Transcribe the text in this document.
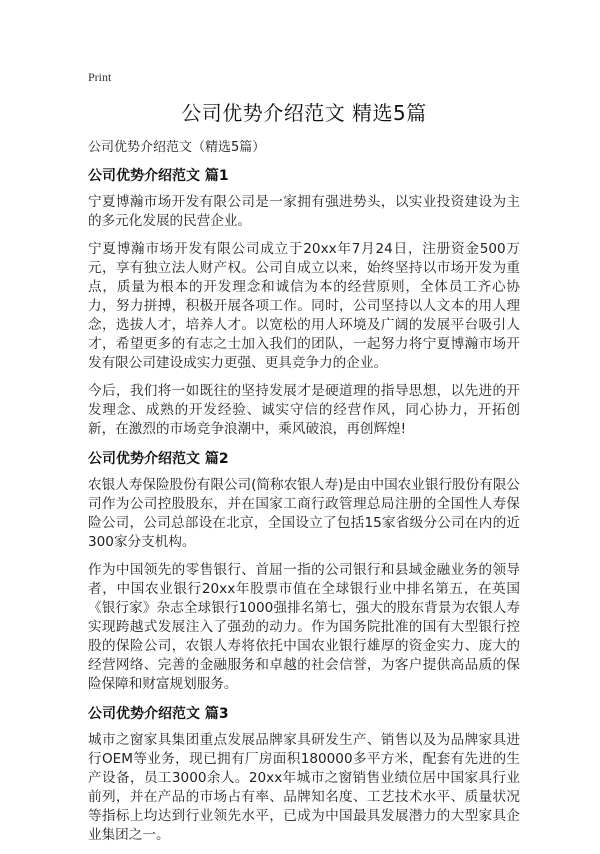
Print
公司优势介绍范文 精选5篇
公司优势介绍范文（精选5篇）
公司优势介绍范文 篇1

宁夏博瀚市场开发有限公司是一家拥有强进势头，以实业投资建设为主的多元化发展的民营企业。

宁夏博瀚市场开发有限公司成立于20xx年7月24日，注册资金500万元，享有独立法人财产权。公司自成立以来，始终坚持以市场开发为重点，质量为根本的开发理念和诚信为本的经营原则，全体员工齐心协力，努力拼搏，积极开展各项工作。同时，公司坚持以人文本的用人理念，选拔人才，培养人才。以宽松的用人环境及广阔的发展平台吸引人才，希望更多的有志之士加入我们的团队，一起努力将宁夏博瀚市场开发有限公司建设成实力更强、更具竞争力的企业。

今后，我们将一如既往的坚持发展才是硬道理的指导思想，以先进的开发理念、成熟的开发经验、诚实守信的经营作风，同心协力，开拓创新，在激烈的市场竞争浪潮中，乘风破浪，再创辉煌!

公司优势介绍范文 篇2

农银人寿保险股份有限公司(简称农银人寿)是由中国农业银行股份有限公司作为公司控股股东，并在国家工商行政管理总局注册的全国性人寿保险公司，公司总部设在北京，全国设立了包括15家省级分公司在内的近300家分支机构。

作为中国领先的零售银行、首屈一指的公司银行和县域金融业务的领导者，中国农业银行20xx年股票市值在全球银行业中排名第五，在英国《银行家》杂志全球银行1000强排名第七，强大的股东背景为农银人寿实现跨越式发展注入了强劲的动力。作为国务院批准的国有大型银行控股的保险公司，农银人寿将依托中国农业银行雄厚的资金实力、庞大的经营网络、完善的金融服务和卓越的社会信誉，为客户提供高品质的保险保障和财富规划服务。

公司优势介绍范文 篇3

城市之窗家具集团重点发展品牌家具研发生产、销售以及为品牌家具进行OEM等业务，现已拥有厂房面积180000多平方米，配套有先进的生产设备，员工3000余人。20xx年城市之窗销售业绩位居中国家具行业前列，并在产品的市场占有率、品牌知名度、工艺技术水平、质量状况等指标上均达到行业领先水平，已成为中国最具发展潜力的大型家具企业集团之一。
